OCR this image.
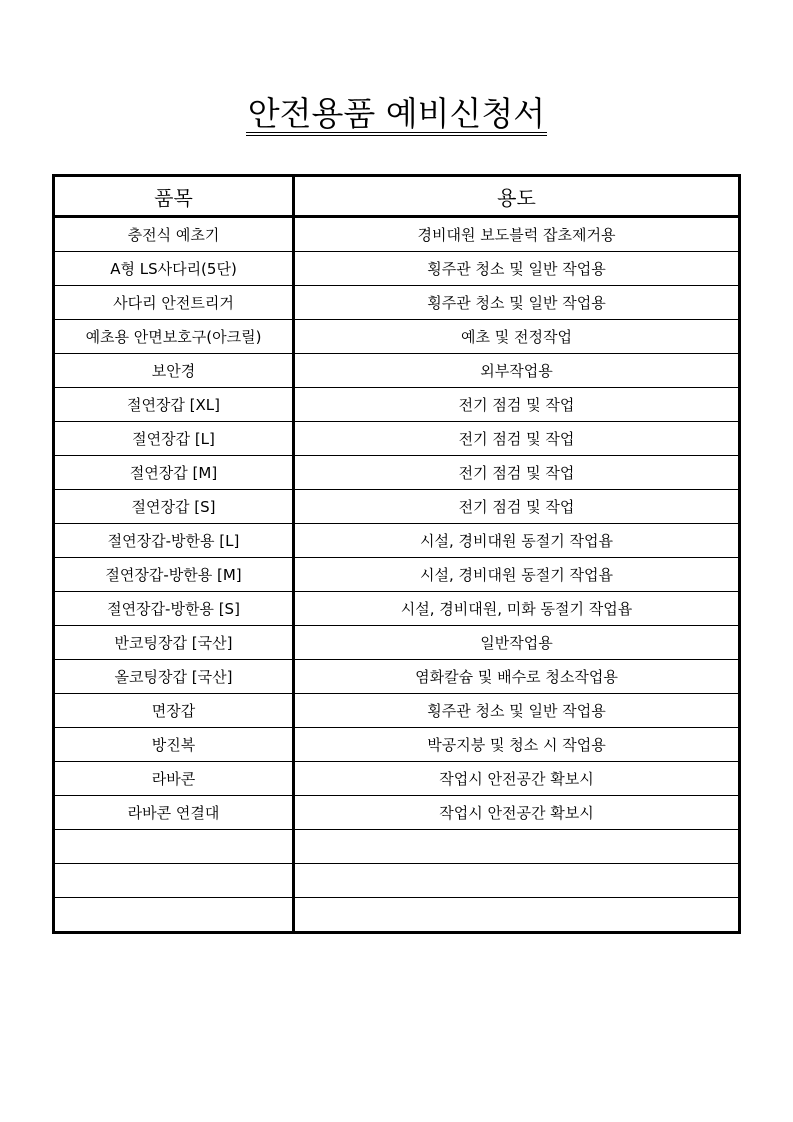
안전용품 예비신청서
품목	용도
충전식 예초기	경비대원 보도블럭 잡초제거용
A형 LS사다리(5단)	횡주관 청소 및 일반 작업용
사다리 안전트리거	횡주관 청소 및 일반 작업용
예초용 안면보호구(아크릴)	예초 및 전정작업
보안경	외부작업용
절연장갑 [XL]	전기 점검 및 작업
절연장갑 [L]	전기 점검 및 작업
절연장갑 [M]	전기 점검 및 작업
절연장갑 [S]	전기 점검 및 작업
절연장갑-방한용 [L]	시설, 경비대원 동절기 작업욥
절연장갑-방한용 [M]	시설, 경비대원 동절기 작업욥
절연장갑-방한용 [S]	시설, 경비대원, 미화 동절기 작업욥
반코팅장갑 [국산]	일반작업용
올코팅장갑 [국산]	염화칼슘 및 배수로 청소작업용
면장갑	횡주관 청소 및 일반 작업용
방진복	박공지붕 및 청소 시 작업용
라바콘	작업시 안전공간 확보시
라바콘 연결대	작업시 안전공간 확보시
